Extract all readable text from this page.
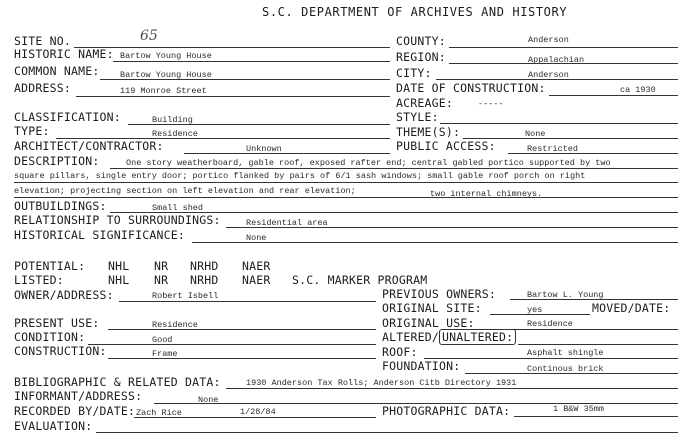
S.C. DEPARTMENT OF ARCHIVES AND HISTORY
SITE NO.	65
HISTORIC NAME: Bartow Young House
COMMON NAME: Bartow Young House
ADDRESS:	119 Monroe Street
COUNTY:	Anderson
REGION:	Appalachian
CITY:	Anderson
DATE OF CONSTRUCTION:	ca 1930
ACREAGE:	-----
CLASSIFICATION:	Building
TYPE:	Residence
ARCHITECT/CONTRACTOR:	Unknown
STYLE:
THEME(S):	None
PUBLIC ACCESS:	Restricted
DESCRIPTION:	One story weatherboard, gable roof, exposed rafter end; central gabled portico supported by two
square pillars, single entry door; portico flanked by pairs of 6/1 sash windows; small gable roof porch on right
elevation; projecting section on left elevation and rear elevation;	two internal chimneys.
OUTBUILDINGS:	Small shed
RELATIONSHIP TO SURROUNDINGS:	Residential area
HISTORICAL SIGNIFICANCE:	None
POTENTIAL: NHL NR NRHD NAER
LISTED:	NHL NR NRHD NAER S.C. MARKER PROGRAM
OWNER/ADDRESS:	Robert Isbell	PREVIOUS OWNERS:	Bartow L. Young
ORIGINAL SITE:	yes	MOVED/DATE:
PRESENT USE:	Residence
CONDITION:	Good
CONSTRUCTION:	Frame
ORIGINAL USE:	Residence
ALTERED/ UNALTERED:
ROOF:	Asphalt shingle
FOUNDATION:	Continous brick
BIBLIOGRAPHIC & RELATED DATA:	1930 Anderson Tax Rolls; Anderson Citb Directory 1931
INFORMANT/ADDRESS:	None
RECORDED BY/DATE: Zach Rice	1/28/84	PHOTOGRAPHIC DATA:	1 B&W 35mm
EVALUATION:
